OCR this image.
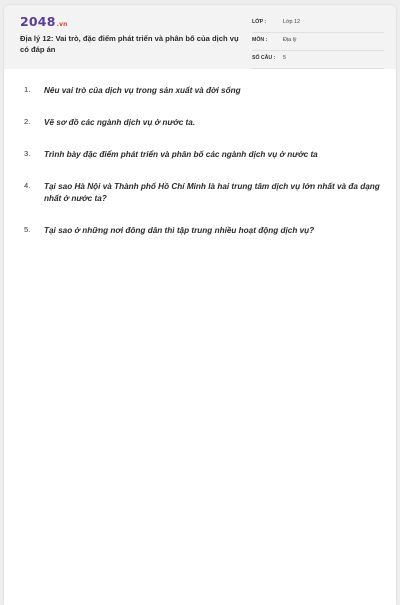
2048.vn
Địa lý 12: Vai trò, đặc điểm phát triển và phân bố của dịch vụ có đáp án
LỚP :	Lớp 12
MÔN :	Địa lý
SỐ CÂU : 5
1. Nêu vai trò của dịch vụ trong sản xuất và đời sống
2. Vẽ sơ đồ các ngành dịch vụ ở nước ta.
3. Trình bày đặc điểm phát triển và phân bố các ngành dịch vụ ở nước ta
4. Tại sao Hà Nội và Thành phố Hồ Chí Minh là hai trung tâm dịch vụ lớn nhất và đa dạng nhất ở nước ta?
5. Tại sao ở những nơi đông dân thì tập trung nhiều hoạt động dịch vụ?
